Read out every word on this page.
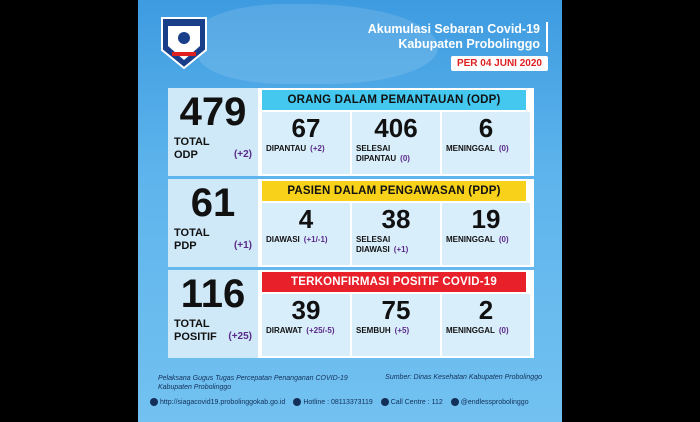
Akumulasi Sebaran Covid-19
Kabupaten Probolinggo
PER 04 JUNI 2020
479
TOTAL
ODP	(+2)
ORANG DALAM PEMANTAUAN (ODP)
67
DIPANTAU (+2)
406
SELESAI DIPANTAU (0)
6
MENINGGAL (0)
61
TOTAL
PDP	(+1)
PASIEN DALAM PENGAWASAN (PDP)
4
DIAWASI (+1/-1)
38
SELESAI DIAWASI (+1)
19
MENINGGAL (0)
116
TOTAL
POSITIF	(+25)
TERKONFIRMASI POSITIF COVID-19
39
DIRAWAT (+25/-5)
75
SEMBUH (+5)
2
MENINGGAL (0)
Pelaksana Gugus Tugas Percepatan Penanganan COVID-19
Kabupaten Probolinggo
Sumber: Dinas Kesehatan Kabupaten Probolinggo
http://siagacovid19.probolinggokab.go.id	Hotline : 08113373119	Call Centre : 112	@endlessprobolinggo
